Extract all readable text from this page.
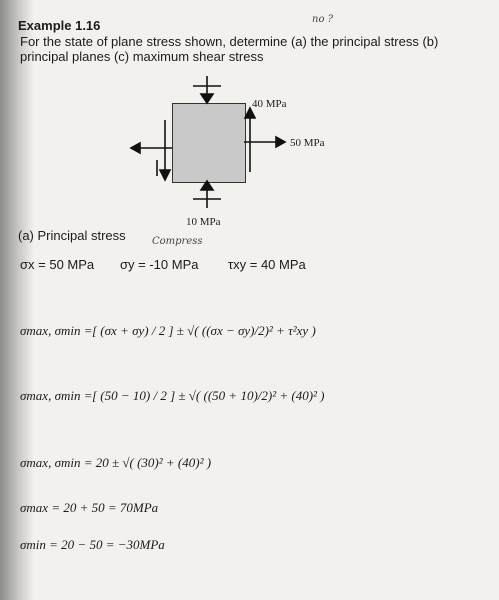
Example 1.16	no ?
For the state of plane stress shown, determine (a) the principal stress (b)
principal planes (c) maximum shear stress
40 MPa
50 MPa
10 MPa
Compress
(a) Principal stress
σx = 50 MPa σy = -10 MPa τxy = 40 MPa
σmax, σmin = [ (σx + σy) / 2 ] ± √( ((σx − σy)/2)² + τ²xy )
σmax, σmin = [ (50 − 10) / 2 ] ± √( ((50 + 10)/2)² + (40)² )
σmax, σmin = 20 ± √( (30)² + (40)² )
σmax = 20 + 50 = 70MPa
σmin = 20 − 50 = −30MPa
